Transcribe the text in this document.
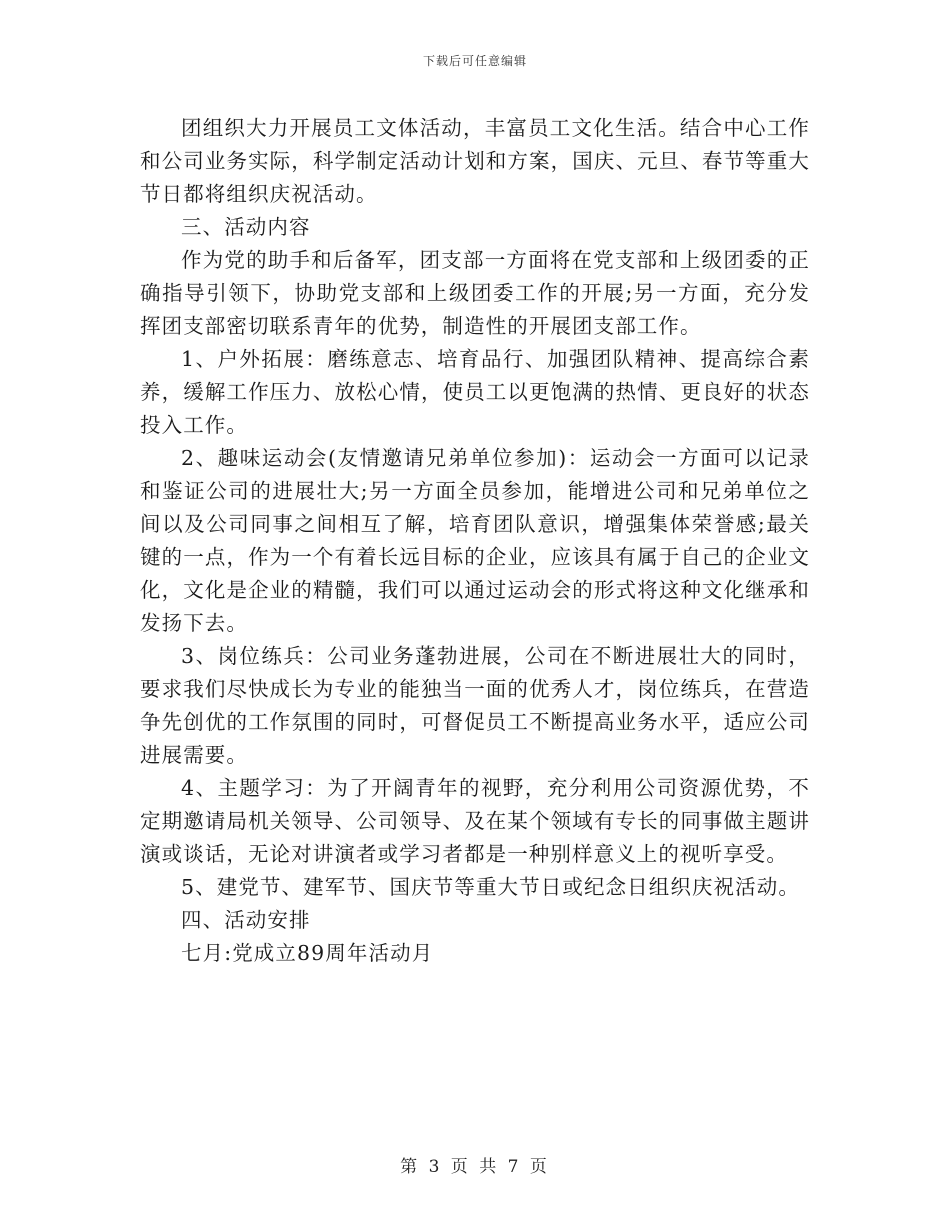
下载后可任意编辑

团组织大力开展员工文体活动，丰富员工文化生活。结合中心工作和公司业务实际，科学制定活动计划和方案，国庆、元旦、春节等重大节日都将组织庆祝活动。

三、活动内容

作为党的助手和后备军，团支部一方面将在党支部和上级团委的正确指导引领下，协助党支部和上级团委工作的开展;另一方面，充分发挥团支部密切联系青年的优势，制造性的开展团支部工作。

1、户外拓展：磨练意志、培育品行、加强团队精神、提高综合素养，缓解工作压力、放松心情，使员工以更饱满的热情、更良好的状态投入工作。

2、趣味运动会(友情邀请兄弟单位参加)：运动会一方面可以记录和鉴证公司的进展壮大;另一方面全员参加，能增进公司和兄弟单位之间以及公司同事之间相互了解，培育团队意识，增强集体荣誉感;最关键的一点，作为一个有着长远目标的企业，应该具有属于自己的企业文化，文化是企业的精髓，我们可以通过运动会的形式将这种文化继承和发扬下去。

3、岗位练兵：公司业务蓬勃进展，公司在不断进展壮大的同时，要求我们尽快成长为专业的能独当一面的优秀人才，岗位练兵，在营造争先创优的工作氛围的同时，可督促员工不断提高业务水平，适应公司进展需要。

4、主题学习：为了开阔青年的视野，充分利用公司资源优势，不定期邀请局机关领导、公司领导、及在某个领域有专长的同事做主题讲演或谈话，无论对讲演者或学习者都是一种别样意义上的视听享受。

5、建党节、建军节、国庆节等重大节日或纪念日组织庆祝活动。

四、活动安排

七月:党成立89周年活动月

第 3 页 共 7 页
